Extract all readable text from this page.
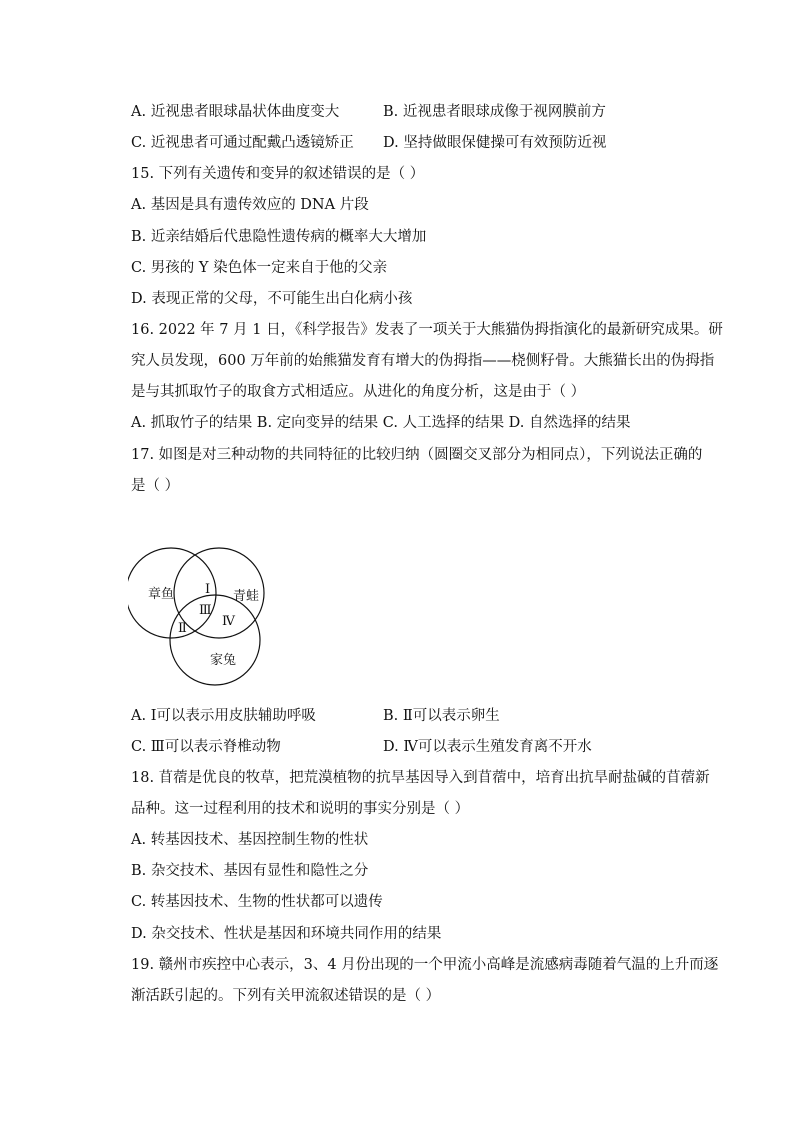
A. 近视患者眼球晶状体曲度变大	B. 近视患者眼球成像于视网膜前方
C. 近视患者可通过配戴凸透镜矫正 D. 坚持做眼保健操可有效预防近视
15. 下列有关遗传和变异的叙述错误的是（ ）
A. 基因是具有遗传效应的 DNA 片段
B. 近亲结婚后代患隐性遗传病的概率大大增加
C. 男孩的 Y 染色体一定来自于他的父亲
D. 表现正常的父母，不可能生出白化病小孩
16. 2022 年 7 月 1 日，《科学报告》发表了一项关于大熊猫伪拇指演化的最新研究成果。研
究人员发现，600 万年前的始熊猫发育有增大的伪拇指——桡侧籽骨。大熊猫长出的伪拇指
是与其抓取竹子的取食方式相适应。从进化的角度分析，这是由于（ ）
A. 抓取竹子的结果 B. 定向变异的结果 C. 人工选择的结果 D. 自然选择的结果
17. 如图是对三种动物的共同特征的比较归纳（圆圈交叉部分为相同点），下列说法正确的
是（ ）
章鱼	青蛙
家兔
Ⅰ
Ⅱ
Ⅲ
Ⅳ
A. Ⅰ可以表示用皮肤辅助呼吸	B. Ⅱ可以表示卵生
C. Ⅲ可以表示脊椎动物	D. Ⅳ可以表示生殖发育离不开水
18. 苜蓿是优良的牧草，把荒漠植物的抗旱基因导入到苜蓿中，培育出抗旱耐盐碱的苜蓿新
品种。这一过程利用的技术和说明的事实分别是（ ）
A. 转基因技术、基因控制生物的性状
B. 杂交技术、基因有显性和隐性之分
C. 转基因技术、生物的性状都可以遗传
D. 杂交技术、性状是基因和环境共同作用的结果
19. 赣州市疾控中心表示，3、4 月份出现的一个甲流小高峰是流感病毒随着气温的上升而逐
渐活跃引起的。下列有关甲流叙述错误的是（ ）
